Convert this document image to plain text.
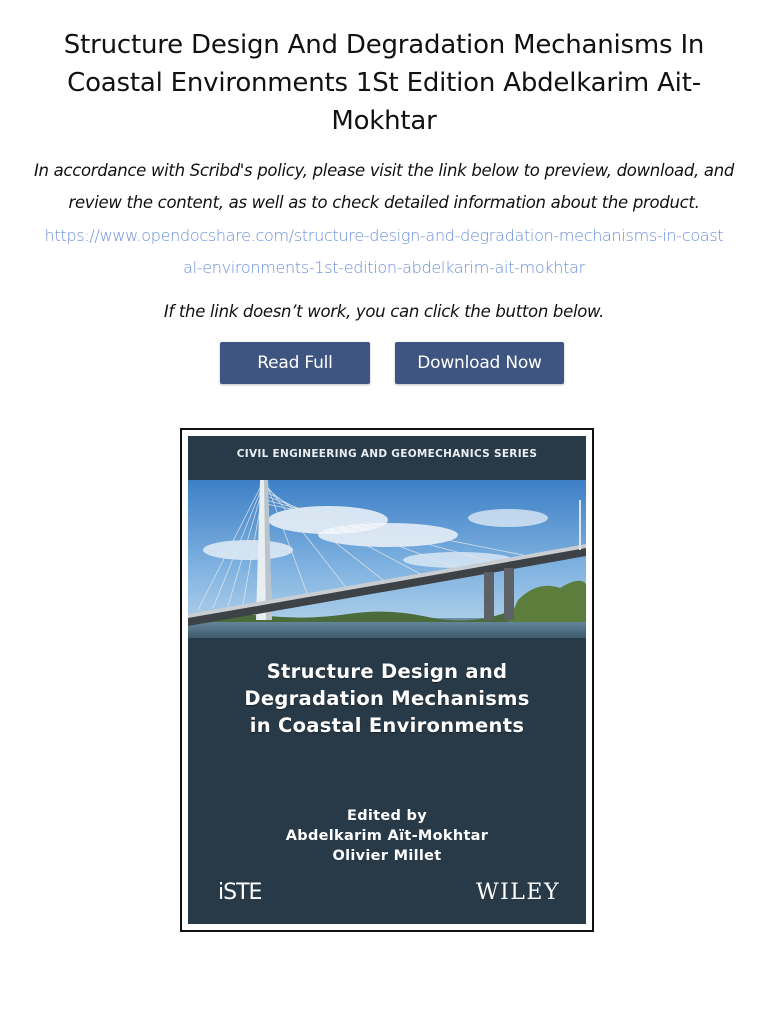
Structure Design And Degradation Mechanisms In Coastal Environments 1St Edition Abdelkarim Ait-Mokhtar

In accordance with Scribd's policy, please visit the link below to preview, download, and review the content, as well as to check detailed information about the product.

https://www.opendocshare.com/structure-design-and-degradation-mechanisms-in-coastal-environments-1st-edition-abdelkarim-ait-mokhtar

If the link doesn’t work, you can click the button below.

Read Full	Download Now
CIVIL ENGINEERING AND GEOMECHANICS SERIES
Structure Design and
Degradation Mechanisms
in Coastal Environments
Edited by
Abdelkarim Aït-Mokhtar
Olivier Millet
iSTE	WILEY
